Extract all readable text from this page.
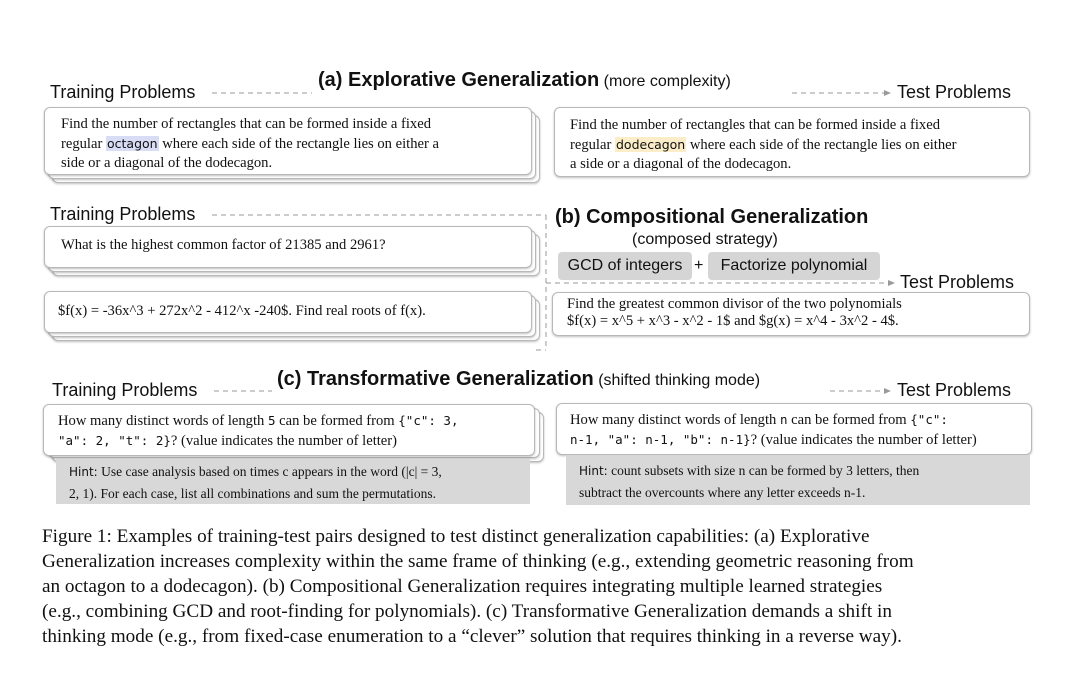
Training Problems
(a) Explorative Generalization (more complexity)
Test Problems
Find the number of rectangles that can be formed inside a fixed
regular octagon where each side of the rectangle lies on either a
side or a diagonal of the dodecagon.
Find the number of rectangles that can be formed inside a fixed
regular dodecagon where each side of the rectangle lies on either
a side or a diagonal of the dodecagon.
Training Problems	(b) Compositional Generalization
(composed strategy)
What is the highest common factor of 21385 and 2961?
$f(x) = -36x^3 + 272x^2 - 412^x -240$. Find real roots of f(x).
GCD of integers +	Factorize polynomial
Test Problems
Find the greatest common divisor of the two polynomials
$f(x) = x^5 + x^3 - x^2 - 1$ and $g(x) = x^4 - 3x^2 - 4$.
Training Problems	(c) Transformative Generalization (shifted thinking mode)	Test Problems
How many distinct words of length 5 can be formed from {"c": 3,
"a": 2, "t": 2}? (value indicates the number of letter)
Hint: Use case analysis based on times c appears in the word (|c| = 3,
2, 1). For each case, list all combinations and sum the permutations.
How many distinct words of length n can be formed from {"c":
n-1, "a": n-1, "b": n-1}? (value indicates the number of letter)
Hint: count subsets with size n can be formed by 3 letters, then
subtract the overcounts where any letter exceeds n-1.
Figure 1: Examples of training-test pairs designed to test distinct generalization capabilities: (a) Explorative
Generalization increases complexity within the same frame of thinking (e.g., extending geometric reasoning from
an octagon to a dodecagon). (b) Compositional Generalization requires integrating multiple learned strategies
(e.g., combining GCD and root-finding for polynomials). (c) Transformative Generalization demands a shift in
thinking mode (e.g., from fixed-case enumeration to a “clever” solution that requires thinking in a reverse way).
